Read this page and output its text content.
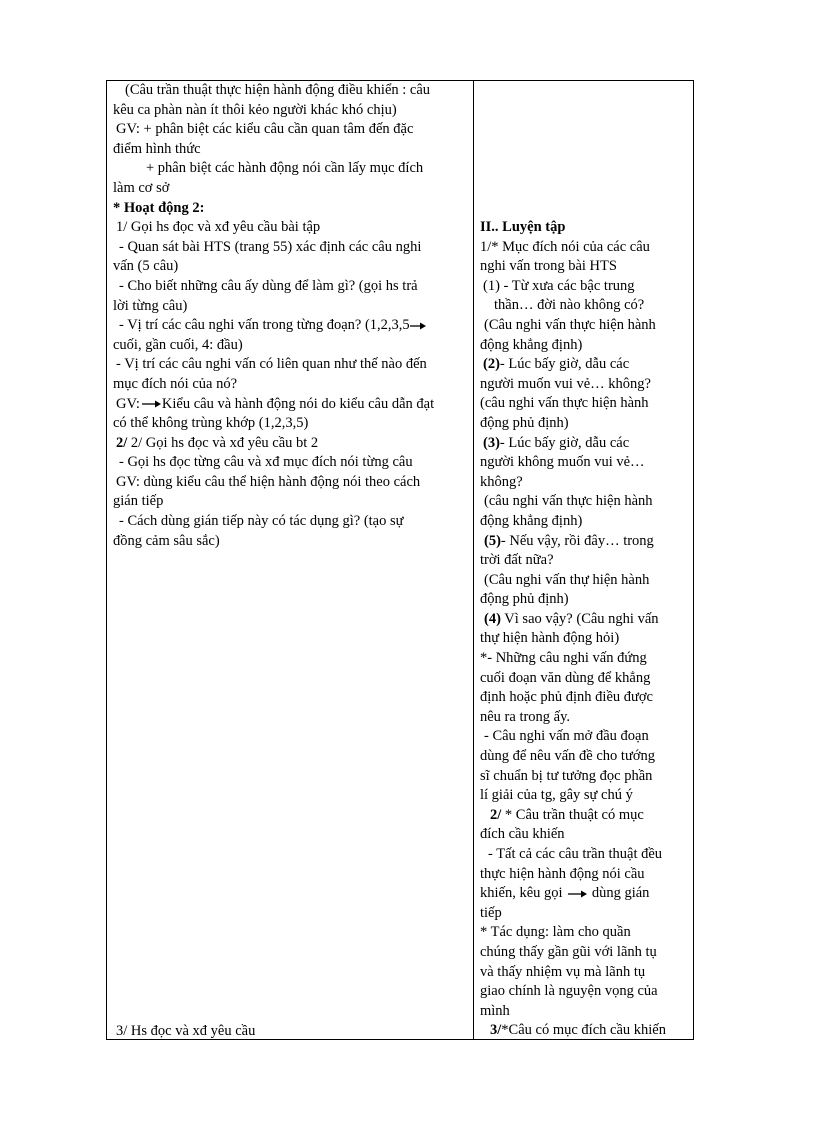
(Câu trần thuật thực hiện hành động điều khiển : câu
kêu ca phàn nàn ít thôi kẻo người khác khó chịu)
GV: + phân biệt các kiểu câu cần quan tâm đến đặc
điểm hình thức
+ phân biệt các hành động nói cần lấy mục đích
làm cơ sở
* Hoạt động 2:
1/ Gọi hs đọc và xđ yêu cầu bài tập
- Quan sát bài HTS (trang 55) xác định các câu nghi
vấn (5 câu)
- Cho biết những câu ấy dùng để làm gì? (gọi hs trả
lời từng câu)
- Vị trí các câu nghi vấn trong từng đoạn? (1,2,3,5
cuối, gần cuối, 4: đầu)
- Vị trí các câu nghi vấn có liên quan như thế nào đến
mục đích nói của nó?
GV: Kiểu câu và hành động nói do kiểu câu dẫn đạt
có thể không trùng khớp (1,2,3,5)
2/ 2/ Gọi hs đọc và xđ yêu cầu bt 2
- Gọi hs đọc từng câu và xđ mục đích nói từng câu
GV: dùng kiểu câu thể hiện hành động nói theo cách
gián tiếp
- Cách dùng gián tiếp này có tác dụng gì? (tạo sự
đồng cảm sâu sắc)
3/ Hs đọc và xđ yêu cầu
II.. Luyện tập
1/* Mục đích nói của các câu
nghi vấn trong bài HTS
(1) - Từ xưa các bậc trung
thần… đời nào không có?
(Câu nghi vấn thực hiện hành
động khẳng định)
(2)- Lúc bấy giờ, dẫu các
người muốn vui vẻ… không?
(câu nghi vấn thực hiện hành
động phủ định)
(3)- Lúc bấy giờ, dẫu các
người không muốn vui vẻ…
không?
(câu nghi vấn thực hiện hành
động khẳng định)
(5)- Nếu vậy, rồi đây… trong
trời đất nữa?
(Câu nghi vấn thự hiện hành
động phủ định)
(4) Vì sao vậy? (Câu nghi vấn
thự hiện hành động hỏi)
*- Những câu nghi vấn đứng
cuối đoạn văn dùng để khẳng
định hoặc phủ định điều được
nêu ra trong ấy.
- Câu nghi vấn mở đầu đoạn
dùng để nêu vấn đề cho tướng
sĩ chuẩn bị tư tưởng đọc phần
lí giải của tg, gây sự chú ý
2/ * Câu trần thuật có mục
đích cầu khiến
- Tất cả các câu trần thuật đều
thực hiện hành động nói cầu
khiến, kêu gọi dùng gián
tiếp
* Tác dụng: làm cho quần
chúng thấy gần gũi với lãnh tụ
và thấy nhiệm vụ mà lãnh tụ
giao chính là nguyện vọng của
mình
3/*Câu có mục đích cầu khiến
